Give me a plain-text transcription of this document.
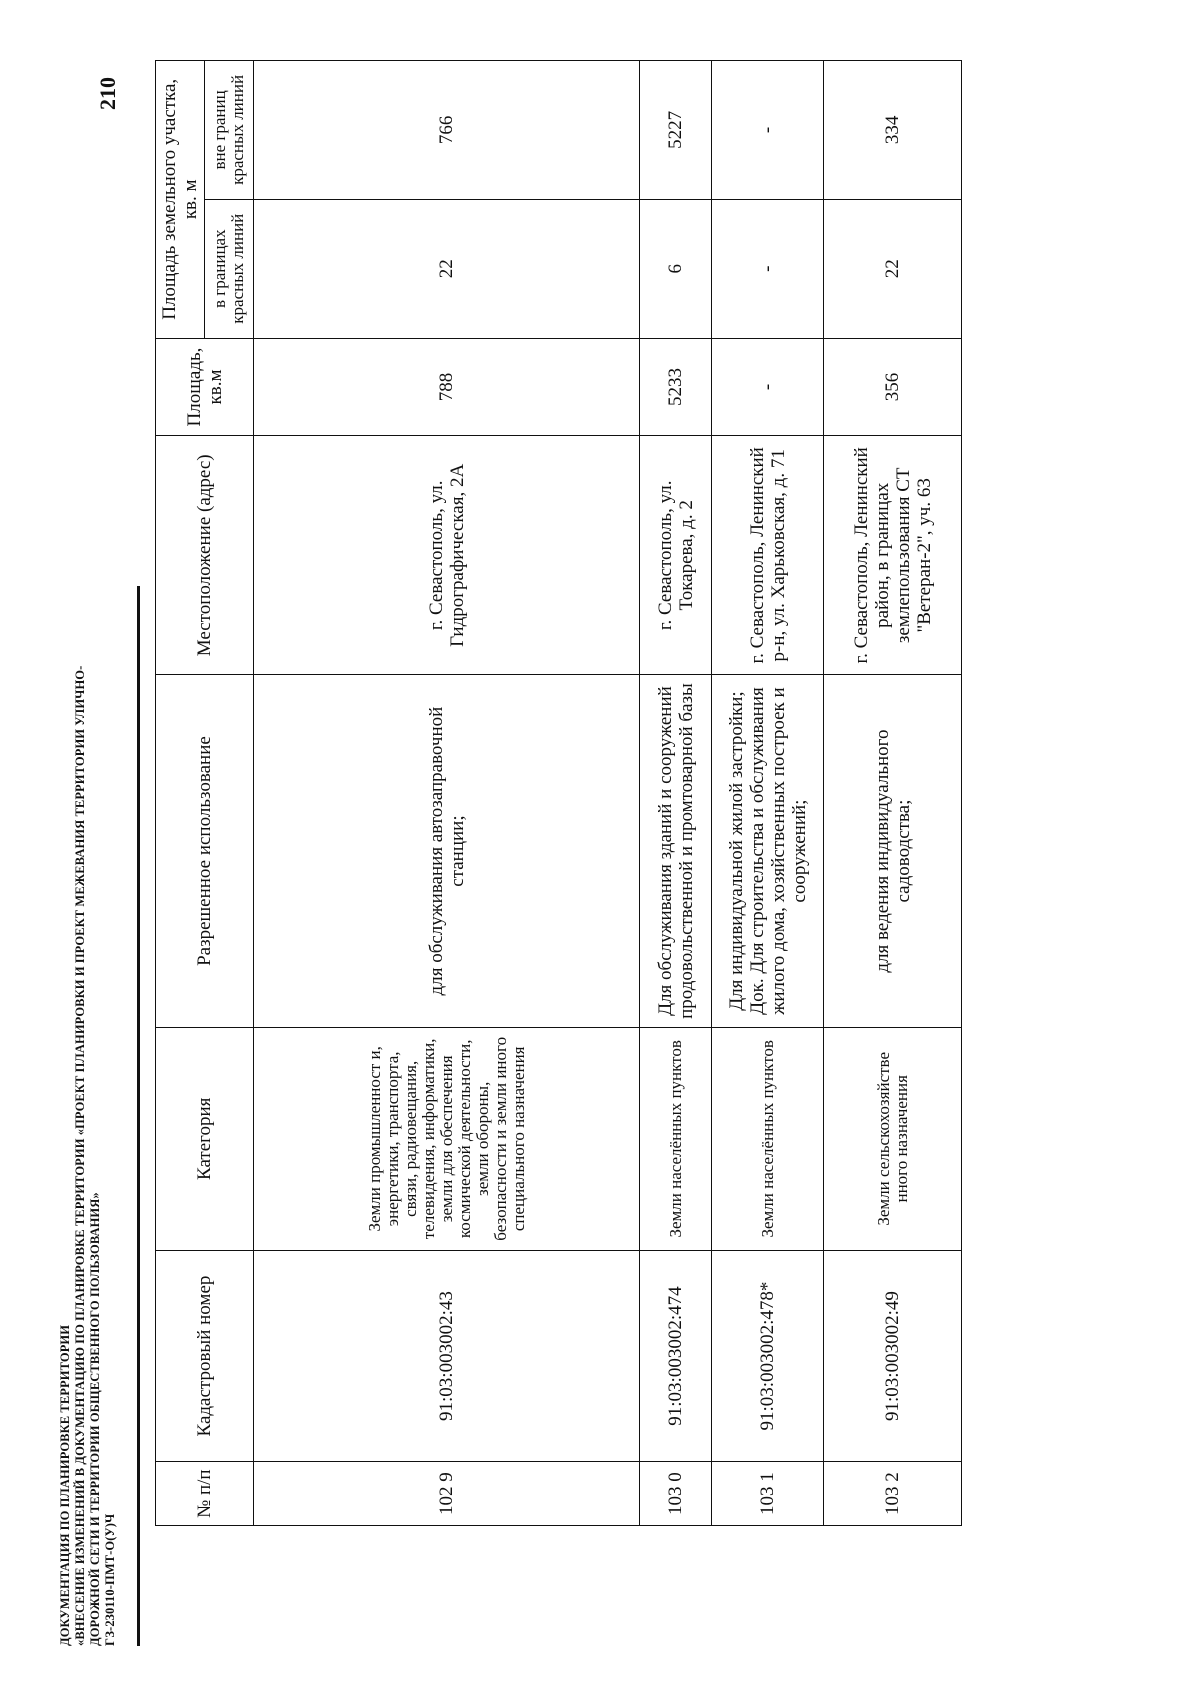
ДОКУМЕНТАЦИЯ ПО ПЛАНИРОВКЕ ТЕРРИТОРИИ «ВНЕСЕНИЕ ИЗМЕНЕНИЙ В ДОКУМЕНТАЦИЮ ПО ПЛАНИРОВКЕ ТЕРРИТОРИИ «ПРОЕКТ ПЛАНИРОВКИ И ПРОЕКТ МЕЖЕВАНИЯ ТЕРРИТОРИИ УЛИЧНО- ДОРОЖНОЙ СЕТИ И ТЕРРИТОРИИ ОБЩЕСТВЕННОГО ПОЛЬЗОВАНИЯ» ГЗ-230110-ПМТ-О(У)Ч
210
№ п/п	Кадастровый номер	Категория	Разрешенное использование	Местоположение (адрес)	Площадь, кв.м	Площадь земельного участка, кв. м	
						в границах красных линий	вне границ красных линий
102 9	91:03:003002:43	Земли промышленност и, энергетики, транспорта, связи, радиовещания, телевидения, информатики, земли для обеспечения космической деятельности, земли обороны, безопасности и земли иного специального назначения	для обслуживания автозаправочной станции;	г. Севастополь, ул. Гидрографическая, 2А	788	22	766
103 0	91:03:003002:474	Земли населённых пунктов	Для обслуживания зданий и сооружений продовольственной и промтоварной базы	г. Севастополь, ул. Токарева, д. 2	5233	6	5227
103 1	91:03:003002:478*	Земли населённых пунктов	Для индивидуальной жилой застройки; Док. Для строительства и обслуживания жилого дома, хозяйственных построек и сооружений;	г. Севастополь, Ленинский р-н, ул. Харьковская, д. 71	-	-	-
103 2	91:03:003002:49	Земли сельскохозяйстве нного назначения	для ведения индивидуального садоводства;	г. Севастополь, Ленинский район, в границах землепользования СТ "Ветеран-2", уч. 63	356	22	334
